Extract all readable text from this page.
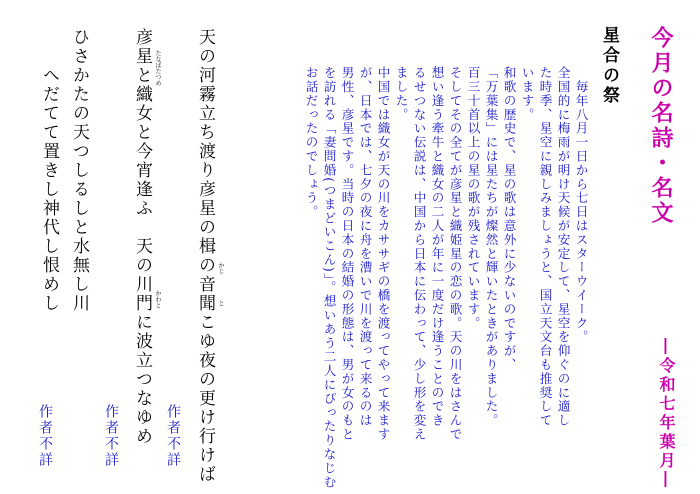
今月の名詩・名文
―令和七年葉月―
星合の祭
　毎年八月一日から七日はスターウイーク。
全国的に梅雨が明け天候が安定して、星空を仰ぐのに適し
た時季、星空に親しみましょうと、国立天文台も推奨して
います。
和歌の歴史で、星の歌は意外に少ないのですが、
「万葉集」には星たちが燦然と輝いたときがありました。
百三十首以上の星の歌が残されています。
そしてその全てが彦星と織姫星の恋の歌。天の川をはさんで
想い逢う牽牛と織女の二人が年に一度だけ逢うことのでき
るせつない伝説は、中国から日本に伝わって、少し形を変え
ました。
中国では織女が天の川をカササギの橋を渡ってやって来ます
が、日本では、七夕の夜に舟を漕いで川を渡って来るのは
男性、彦星です。当時の日本の結婚の形態は、男が女のもと
を訪れる「妻問婚(つまどいこん)」。想いあう二人にぴったりなじむ
お話だったのでしょう。
天の河霧立ち渡り彦星の楫の音聞こゆ夜の更け行けば かじ
と
作者不詳
彦星と織女と今宵逢ふ　天の川門に波立つなゆめ たなばたつめ
かわと
作者不詳
ひさかたの天つしるしと水無し川
　　へだてて置きし神代し恨めし
作者不詳
